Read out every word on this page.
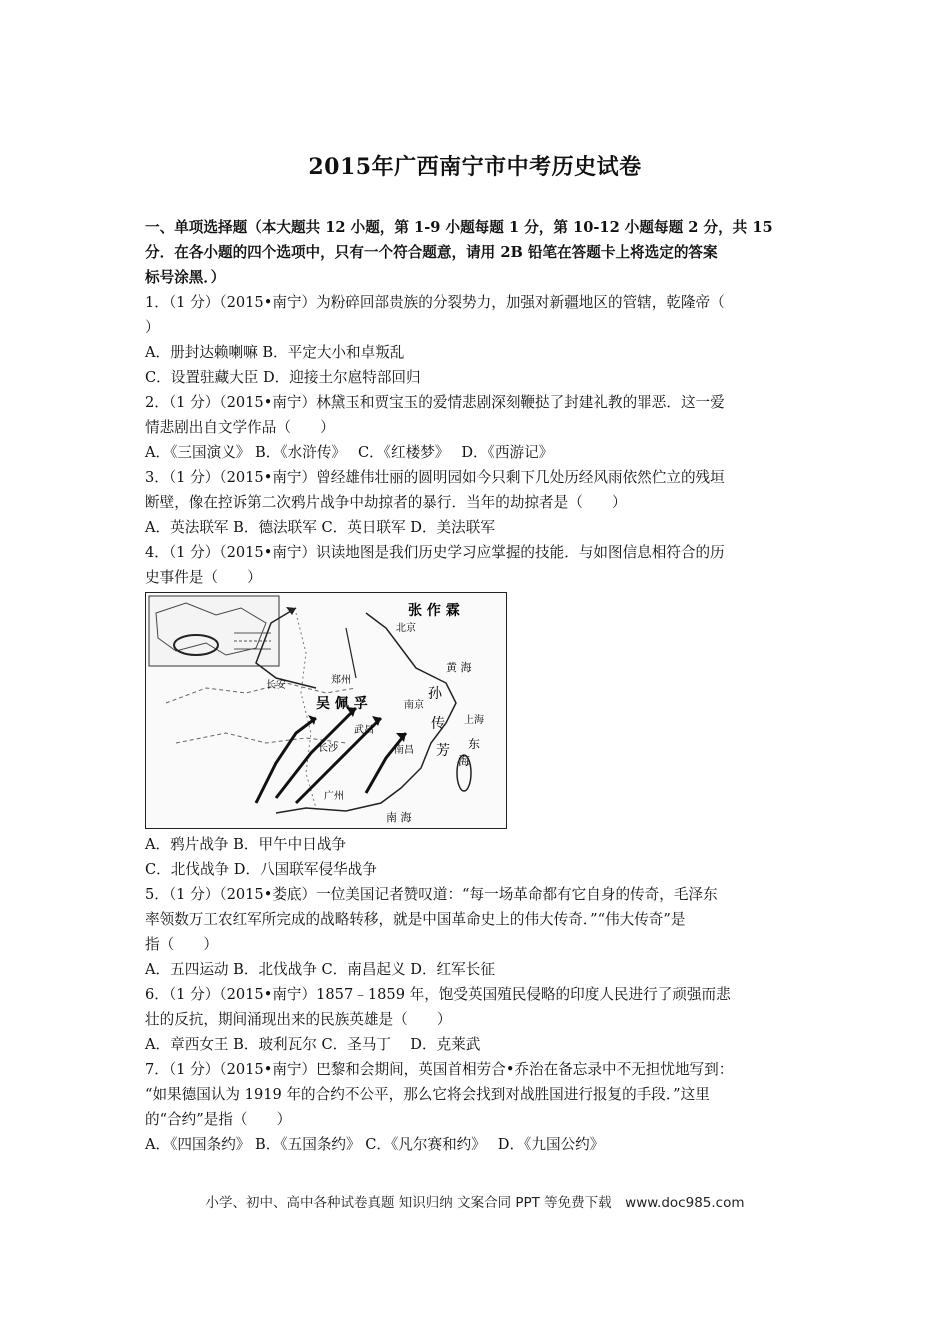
2015年广西南宁市中考历史试卷
一、单项选择题（本大题共 12 小题，第 1-9 小题每题 1 分，第 10-12 小题每题 2 分，共 15
分．在各小题的四个选项中，只有一个符合题意，请用 2B 铅笔在答题卡上将选定的答案
标号涂黑．）
1．（1 分）（2015•南宁）为粉碎回部贵族的分裂势力，加强对新疆地区的管辖，乾隆帝（
）
A．册封达赖喇嘛 B．平定大小和卓叛乱
C．设置驻藏大臣 D．迎接土尔扈特部回归
2．（1 分）（2015•南宁）林黛玉和贾宝玉的爱情悲剧深刻鞭挞了封建礼教的罪恶．这一爱
情悲剧出自文学作品（　　）
A．《三国演义》 B．《水浒传》　 C．《红楼梦》　 D．《西游记》
3．（1 分）（2015•南宁）曾经雄伟壮丽的圆明园如今只剩下几处历经风雨依然伫立的残垣
断壁，像在控诉第二次鸦片战争中劫掠者的暴行．当年的劫掠者是（　　）
A．英法联军 B．德法联军 C．英日联军 D．美法联军
4．（1 分）（2015•南宁）识读地图是我们历史学习应掌握的技能．与如图信息相符合的历
史事件是（　　）
张 作 霖
北京
黄 海
孙
吴 佩 孚	南京
武昌
上海
传
南昌 芳
长沙
广州
南 海
长安	郑州
东
海
A．鸦片战争 B．甲午中日战争
C．北伐战争 D．八国联军侵华战争
5．（1 分）（2015•娄底）一位美国记者赞叹道：“每一场革命都有它自身的传奇，毛泽东
率领数万工农红军所完成的战略转移，就是中国革命史上的伟大传奇．”“伟大传奇”是
指（　　）
A．五四运动 B．北伐战争 C．南昌起义 D．红军长征
6．（1 分）（2015•南宁）1857﹣1859 年，饱受英国殖民侵略的印度人民进行了顽强而悲
壮的反抗，期间涌现出来的民族英雄是（　　）
A．章西女王 B．玻利瓦尔 C．圣马丁　 D．克莱武
7．（1 分）（2015•南宁）巴黎和会期间，英国首相劳合•乔治在备忘录中不无担忧地写到：
“如果德国认为 1919 年的合约不公平，那么它将会找到对战胜国进行报复的手段．”这里
的“合约”是指（　　）
A．《四国条约》 B．《五国条约》 C．《凡尔赛和约》　 D．《九国公约》
小学、初中、高中各种试卷真题 知识归纳 文案合同 PPT 等免费下载　www.doc985.com
